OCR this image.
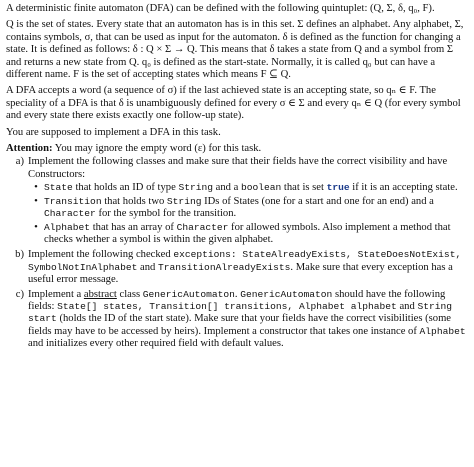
A deterministic finite automaton (DFA) can be defined with the following quintuplet: (Q, Σ, δ, q₀, F).

Q is the set of states. Every state that an automaton has is in this set. Σ defines an alphabet. Any alphabet, Σ, contains symbols, σ, that can be used as input for the automaton. δ is defined as the function for changing a state. It is defined as follows: δ : Q × Σ → Q. This means that δ takes a state from Q and a symbol from Σ and returns a new state from Q. q₀ is defined as the start-state. Normally, it is called q₀ but can have a different name. F is the set of accepting states which means F ⊆ Q.

A DFA accepts a word (a sequence of σ) if the last achieved state is an accepting state, so qₙ ∈ F. The speciality of a DFA is that δ is unambiguously defined for every σ ∈ Σ and every qₙ ∈ Q (for every symbol and every state there exists exactly one follow-up state).

You are supposed to implement a DFA in this task.

Attention: You may ignore the empty word (ε) for this task.

a) Implement the following classes and make sure that their fields have the correct visibility and have Constructors:
• State that holds an ID of type String and a boolean that is set true if it is an accepting state.
• Transition that holds two String IDs of States (one for a start and one for an end) and a Character for the symbol for the transition.
• Alphabet that has an array of Character for allowed symbols. Also implement a method that checks whether a symbol is within the given alphabet.
b) Implement the following checked exceptions: StateAlreadyExists, StateDoesNotExist, SymbolNotInAlphabet and TransitionAlreadyExists. Make sure that every exception has a useful error message.
c) Implement a abstract class GenericAutomaton. GenericAutomaton should have the following fields: State[] states, Transition[] transitions, Alphabet alphabet and String start (holds the ID of the start state). Make sure that your fields have the correct visibilities (some fields may have to be accessed by heirs). Implement a constructor that takes one instance of Alphabet and initializes every other required field with default values.
